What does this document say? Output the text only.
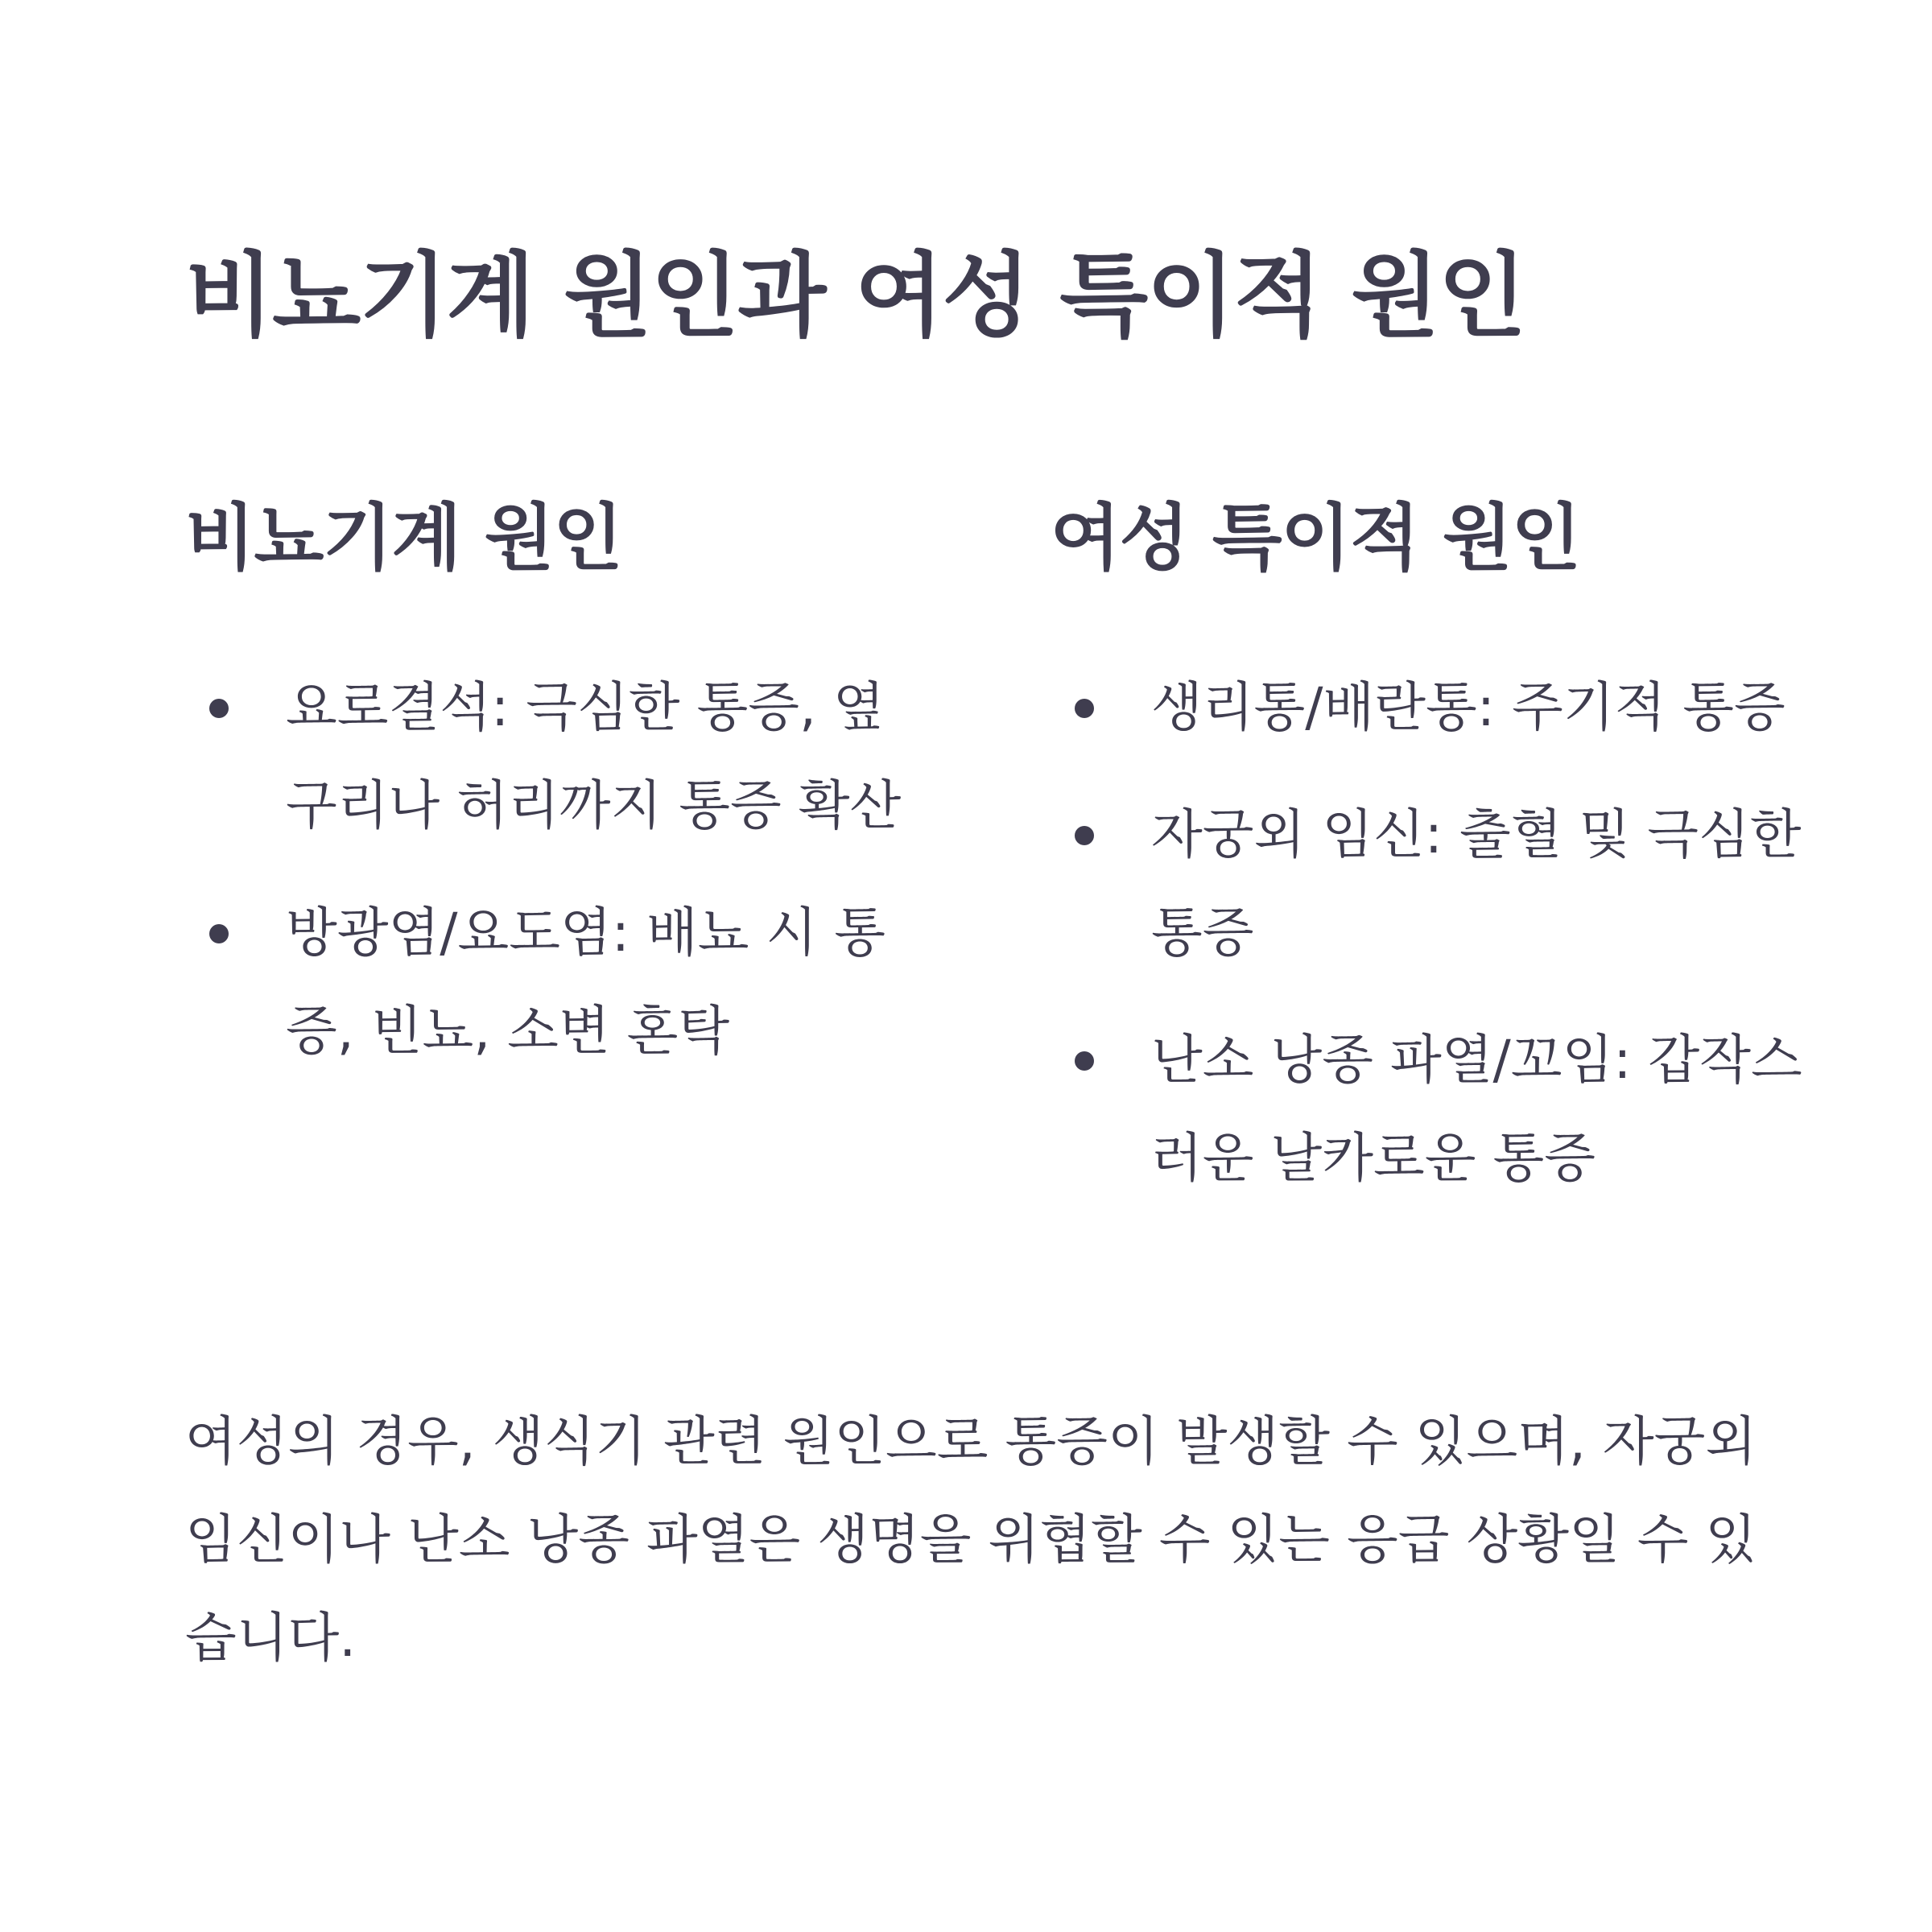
비뇨기계 원인과 여성 특이적 원인
비뇨기계 원인
요로결석: 극심한 통증, 옆구리나 허리까지 통증 확산
방광염/요도염: 배뇨 시 통증, 빈뇨, 소변 혼탁
여성 특이적 원인
생리통/배란통: 주기적 통증
자궁외 임신: 출혈 및 극심한 통증
난소 낭종 파열/꼬임: 갑작스러운 날카로운 통증

여성의 경우, 생식기 관련 원인으로 통증이 발생할 수 있으며, 자궁외 임신이나 난소 낭종 파열은 생명을 위협할 수 있는 응급 상황일 수 있습니다.
